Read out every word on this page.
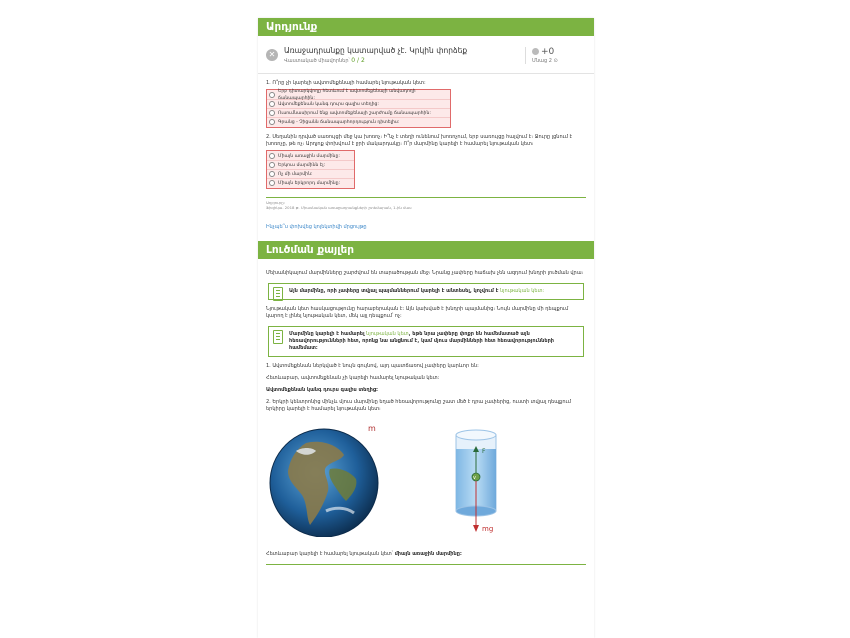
Արդյունք
✕	Առաջադրանքը կատարված չէ. Կրկին փորձեք
Վաստակած միավորներ՝ 0 / 2
+0
Մնաց 2 ⊙
1. Ո՞րը չի կարելի ավտոմեքենայի համարել նյութական կետ:
Երբ դիտարկվողը հետևում է ավտոմեքենայի անվադողի ճանապարհին:
Ավտոմեքենան կանգ դուրս գալիս տեղից:
Ուսումնասիրում ենք ավտոմեքենայի շարժումը ճանապարհին:
Գրանց - Չիցանն ճանապարհորդություն դիտելիս:
2. Սեղանին դրված սառույցի մեջ կա խոռոչ։ Ի՞նչ է տեղի ունենում խոռոչում, երբ սառույցը հալվում է։ Ջուրը լցնում է խոռոչը, թե ոչ։ Արդյոք փոխվում է ջրի մակարդակը։ Ո՞ր մարմինը կարելի է համարել նյութական կետ։
Միայն առաջին մարմինը:
Երկուս մարմինն էլ:
Ոչ մի մարմին:
Միայն երկրորդ մարմինը:
Աղբյուրը:
Ֆիզիկա. 2018 թ. Միասնական առաջադրանքների շտեմարան, 1-ին մաս
Ինչպե՞ս փոխվեց կոլեկտիվի մրցույթը
Լուծման քայլեր
Մեխանիկայում մարմինները շարժվում են տարածության մեջ։ Նրանց չափերը հաճախ չեն ազդում խնդրի լուծման վրա։
Այն մարմինը, որի չափերը տվյալ պայմաններում կարելի է անտեսել, կոչվում է նյութական կետ:
Նյութական կետ հասկացությունը հարաբերական է: Այն կախված է խնդրի պայմանից։ Նույն մարմինը մի դեպքում կարող է լինել նյութական կետ, մեկ այլ դեպքում՝ ոչ:
Մարմինը կարելի է համարել նյութական կետ, եթե նրա չափերը փոքր են համեմատած այն հեռավորությունների հետ, որոնք նա անցնում է, կամ մյուս մարմինների հետ հեռավորությունների համեմատ։
1. Ավտոմեքենան ներկված է նույն գույնով, այդ պատճառով չափերը կարևոր են:
Հետևաբար, ավտոմեքենան չի կարելի համարել նյութական կետ:
Ավտոմեքենան կանգ դուրս գալիս տեղից:
2. Երկրի կենտրոնից մինչև մյուս մարմինը եղած հեռավորությունը շատ մեծ է դրա չափերից, ուստի տվյալ դեպքում երկիրը կարելի է համարել նյութական կետ։
m
F
v
mg
Հետևաբար կարելի է համարել նյութական կետ՝ միայն առաջին մարմինը:
